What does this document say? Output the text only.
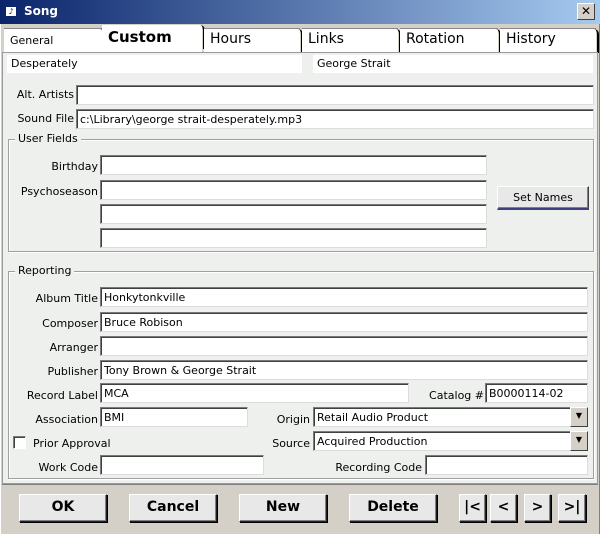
♪ Song	✕
General	Custom	Hours	Links	Rotation	History
Desperately	George Strait
Alt. Artists
Sound File c:\Library\george strait-desperately.mp3
User Fields
Birthday
Psychoseason	Set Names
Reporting
Album Title Honkytonkville
Composer Bruce Robison
Arranger
Publisher Tony Brown & George Strait
Record Label MCA	Catalog # B0000114-02
Association BMI	Origin Retail Audio Product	▼
Prior Approval	Source Acquired Production	▼
Work Code	Recording Code
OK	Cancel	New	Delete	|<	<	>	>|
